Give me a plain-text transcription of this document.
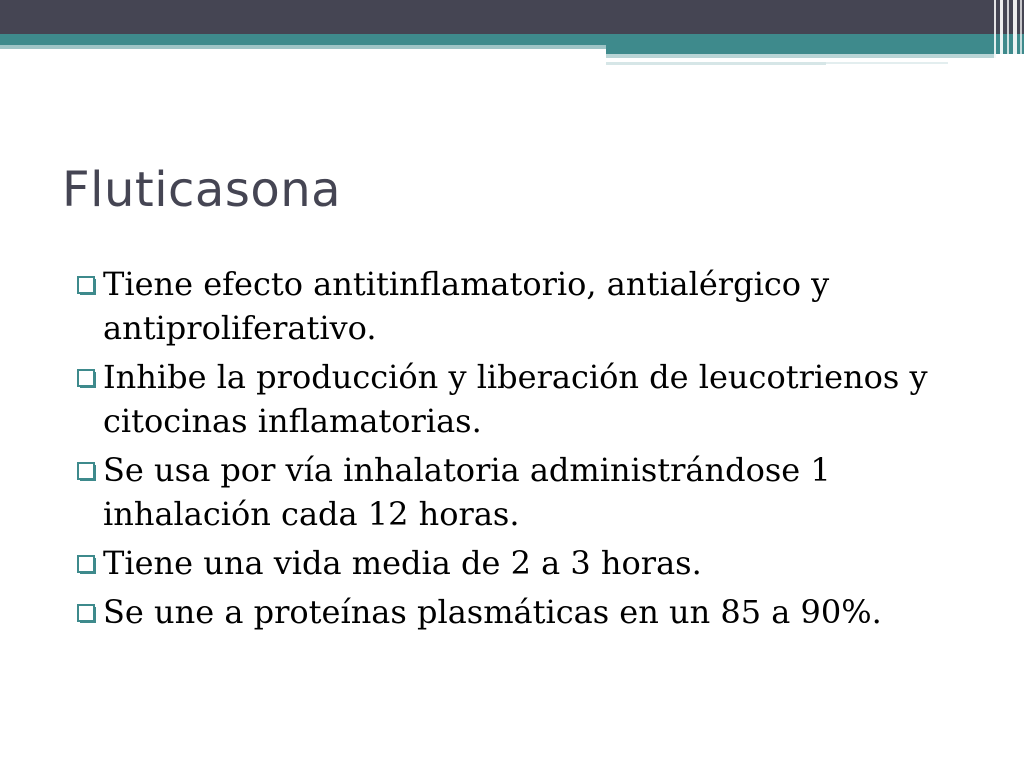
Fluticasona
Tiene efecto antitinflamatorio, antialérgico y antiproliferativo.
Inhibe la producción y liberación de leucotrienos y citocinas inflamatorias.
Se usa por vía inhalatoria administrándose 1 inhalación cada 12 horas.
Tiene una vida media de 2 a 3 horas.
Se une a proteínas plasmáticas en un 85 a 90%.
